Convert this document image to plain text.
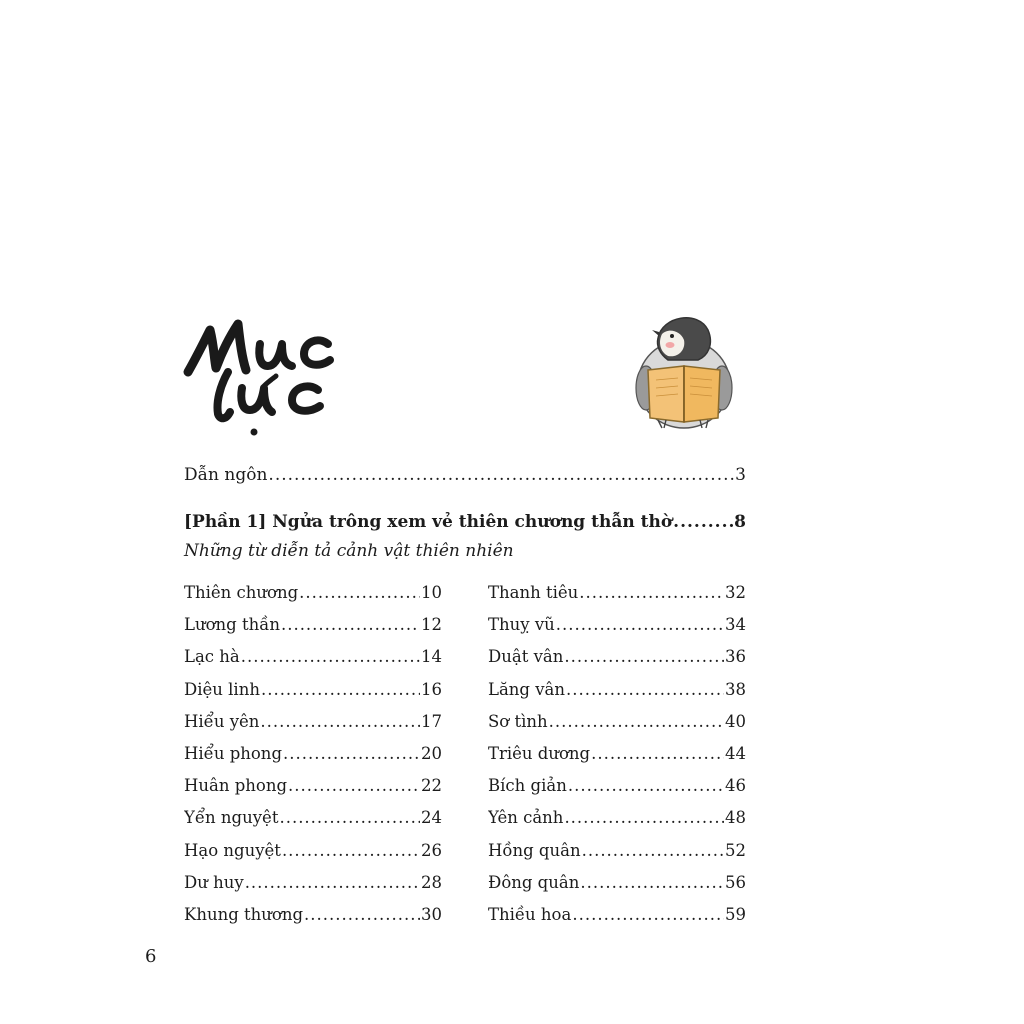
Dẫn ngôn .....	3
[Phần 1] Ngửa trông xem vẻ thiên chương thẫn thờ .....	8
Những từ diễn tả cảnh vật thiên nhiên
Thiên chương .....	10
Lương thần .....	12
Lạc hà .....	14
Diệu linh .....	16
Hiểu yên .....	17
Hiểu phong .....	20
Huân phong .....	22
Yển nguyệt .....	24
Hạo nguyệt .....	26
Dư huy .....	28
Khung thương .....	30
Thanh tiêu .....	32
Thuỵ vũ .....	34
Duật vân .....	36
Lăng vân .....	38
Sơ tình .....	40
Triêu dương .....	44
Bích giản .....	46
Yên cảnh .....	48
Hồng quân .....	52
Đông quân .....	56
Thiều hoa .....	59
6
